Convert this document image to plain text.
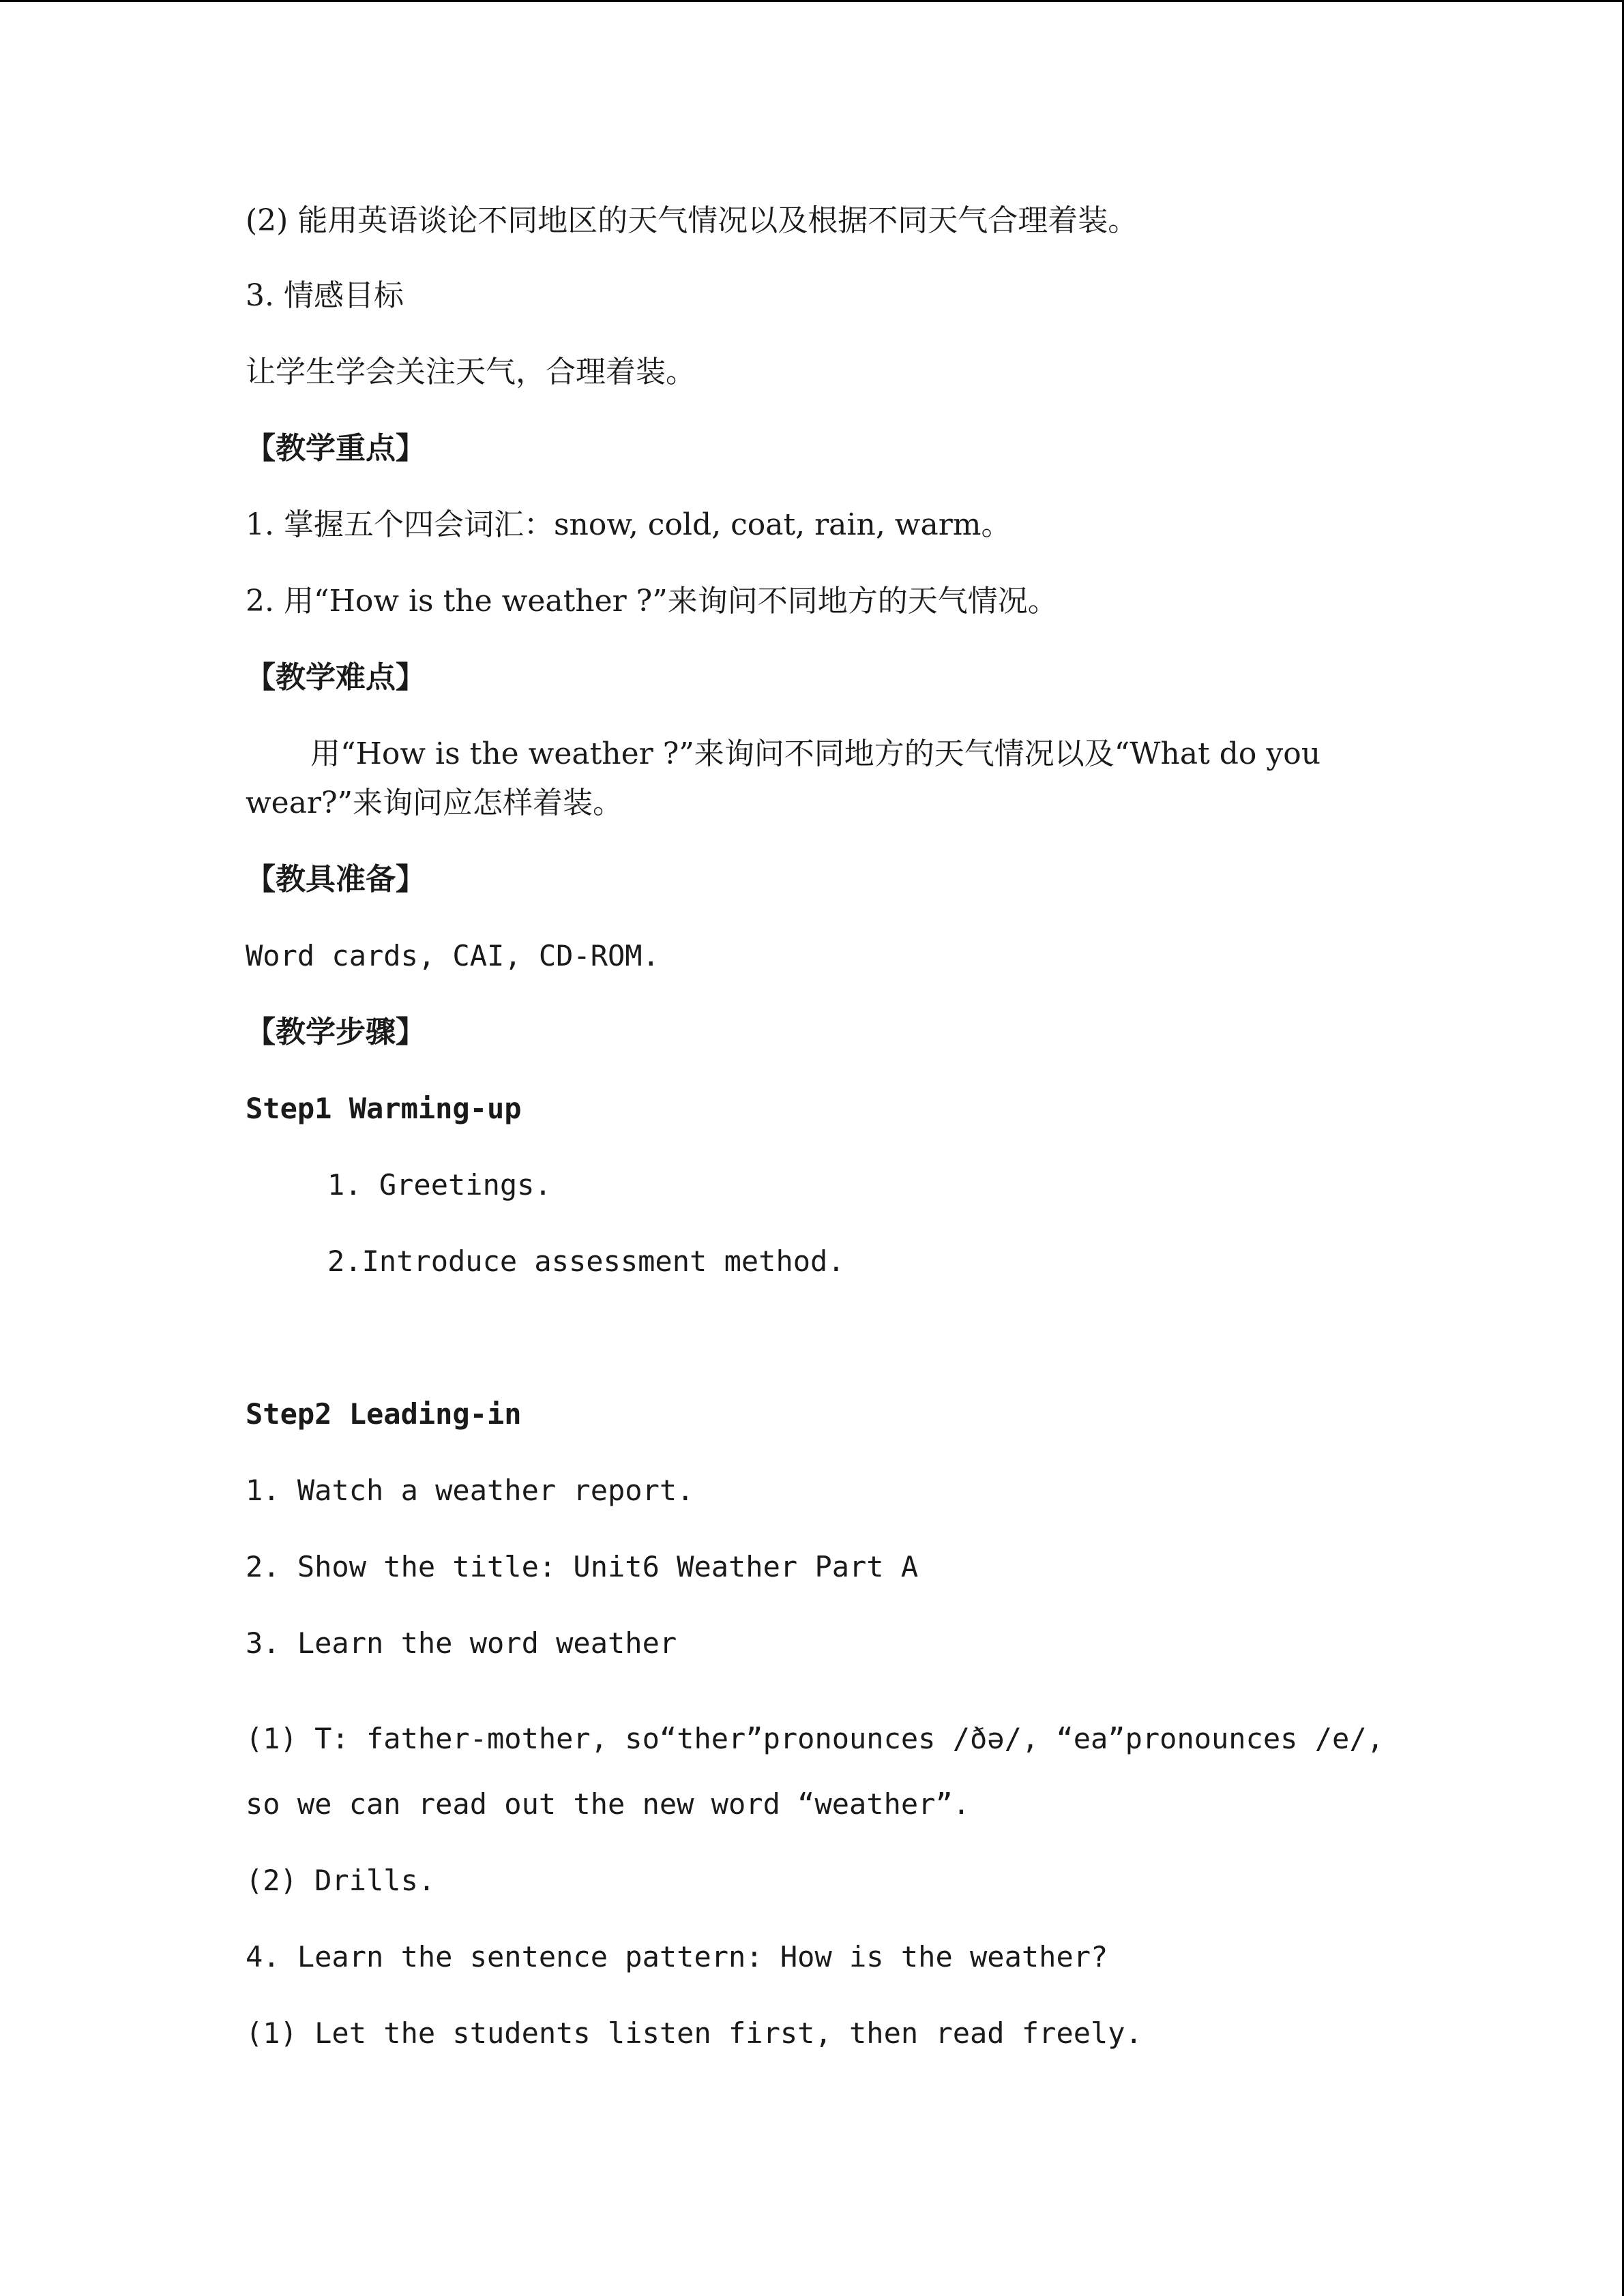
(2) 能用英语谈论不同地区的天气情况以及根据不同天气合理着装。
3. 情感目标
让学生学会关注天气，合理着装。
【教学重点】
1. 掌握五个四会词汇：snow, cold, coat, rain, warm。
2. 用“How is the weather ?”来询问不同地方的天气情况。
【教学难点】
用“How is the weather ?”来询问不同地方的天气情况以及“What do you
wear?”来询问应怎样着装。
【教具准备】
Word cards, CAI, CD-ROM.
【教学步骤】
Step1 Warming-up
1. Greetings.
2.Introduce assessment method.
Step2 Leading-in
1. Watch a weather report.
2. Show the title: Unit6 Weather Part A
3. Learn the word weather
(1) T: father-mother, so“ther”pronounces /ðə/, “ea”pronounces /e/,
so we can read out the new word “weather”.
(2) Drills.
4. Learn the sentence pattern: How is the weather?
(1) Let the students listen first, then read freely.
